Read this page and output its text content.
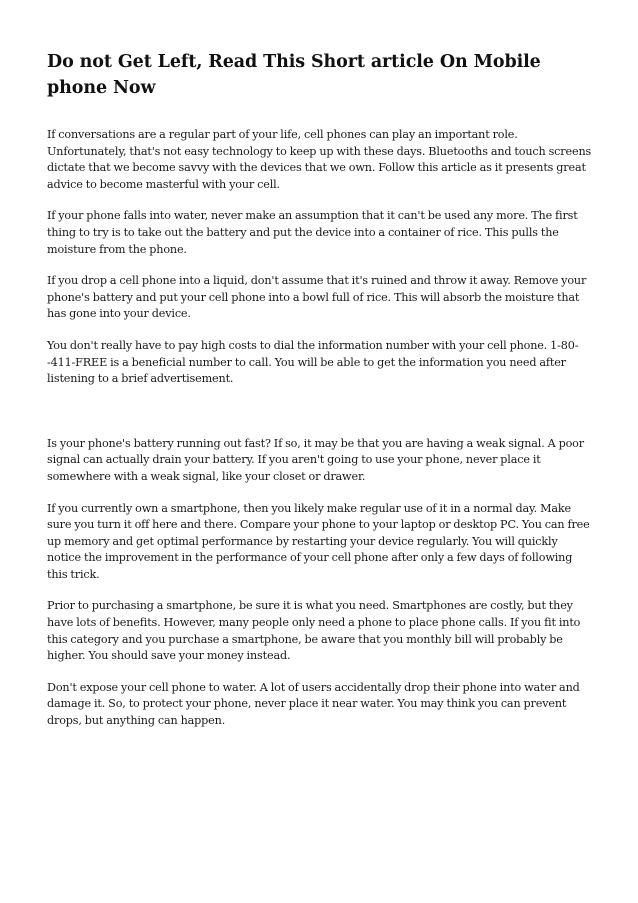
Do not Get Left, Read This Short article On Mobile phone Now

If conversations are a regular part of your life, cell phones can play an important role. Unfortunately, that's not easy technology to keep up with these days. Bluetooths and touch screens dictate that we become savvy with the devices that we own. Follow this article as it presents great advice to become masterful with your cell.

If your phone falls into water, never make an assumption that it can't be used any more. The first thing to try is to take out the battery and put the device into a container of rice. This pulls the moisture from the phone.

If you drop a cell phone into a liquid, don't assume that it's ruined and throw it away. Remove your phone's battery and put your cell phone into a bowl full of rice. This will absorb the moisture that has gone into your device.

You don't really have to pay high costs to dial the information number with your cell phone. 1-80--411-FREE is a beneficial number to call. You will be able to get the information you need after listening to a brief advertisement.

Is your phone's battery running out fast? If so, it may be that you are having a weak signal. A poor signal can actually drain your battery. If you aren't going to use your phone, never place it somewhere with a weak signal, like your closet or drawer.

If you currently own a smartphone, then you likely make regular use of it in a normal day. Make sure you turn it off here and there. Compare your phone to your laptop or desktop PC. You can free up memory and get optimal performance by restarting your device regularly. You will quickly notice the improvement in the performance of your cell phone after only a few days of following this trick.

Prior to purchasing a smartphone, be sure it is what you need. Smartphones are costly, but they have lots of benefits. However, many people only need a phone to place phone calls. If you fit into this category and you purchase a smartphone, be aware that you monthly bill will probably be higher. You should save your money instead.

Don't expose your cell phone to water. A lot of users accidentally drop their phone into water and damage it. So, to protect your phone, never place it near water. You may think you can prevent drops, but anything can happen.
